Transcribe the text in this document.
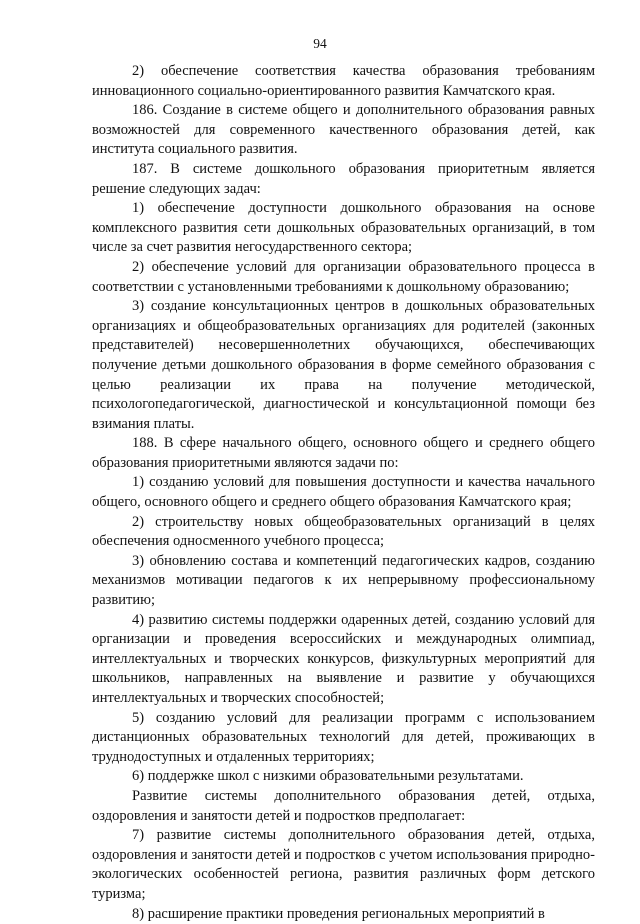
94

2) обеспечение соответствия качества образования требованиям инновационного социально-ориентированного развития Камчатского края.

186. Создание в системе общего и дополнительного образования равных возможностей для современного качественного образования детей, как института социального развития.

187. В системе дошкольного образования приоритетным является решение следующих задач:

1) обеспечение доступности дошкольного образования на основе комплексного развития сети дошкольных образовательных организаций, в том числе за счет развития негосударственного сектора;

2) обеспечение условий для организации образовательного процесса в соответствии с установленными требованиями к дошкольному образованию;

3) создание консультационных центров в дошкольных образовательных организациях и общеобразовательных организациях для родителей (законных представителей) несовершеннолетних обучающихся, обеспечивающих получение детьми дошкольного образования в форме семейного образования с целью реализации их права на получение методической, психологопедагогической, диагностической и консультационной помощи без взимания платы.

188. В сфере начального общего, основного общего и среднего общего образования приоритетными являются задачи по:

1) созданию условий для повышения доступности и качества начального общего, основного общего и среднего общего образования Камчатского края;

2) строительству новых общеобразовательных организаций в целях обеспечения односменного учебного процесса;

3) обновлению состава и компетенций педагогических кадров, созданию механизмов мотивации педагогов к их непрерывному профессиональному развитию;

4) развитию системы поддержки одаренных детей, созданию условий для организации и проведения всероссийских и международных олимпиад, интеллектуальных и творческих конкурсов, физкультурных мероприятий для школьников, направленных на выявление и развитие у обучающихся интеллектуальных и творческих способностей;

5) созданию условий для реализации программ с использованием дистанционных образовательных технологий для детей, проживающих в труднодоступных и отдаленных территориях;

6) поддержке школ с низкими образовательными результатами.

Развитие системы дополнительного образования детей, отдыха, оздоровления и занятости детей и подростков предполагает:

7) развитие системы дополнительного образования детей, отдыха, оздоровления и занятости детей и подростков с учетом использования природно-экологических особенностей региона, развития различных форм детского туризма;

8) расширение практики проведения региональных мероприятий в
